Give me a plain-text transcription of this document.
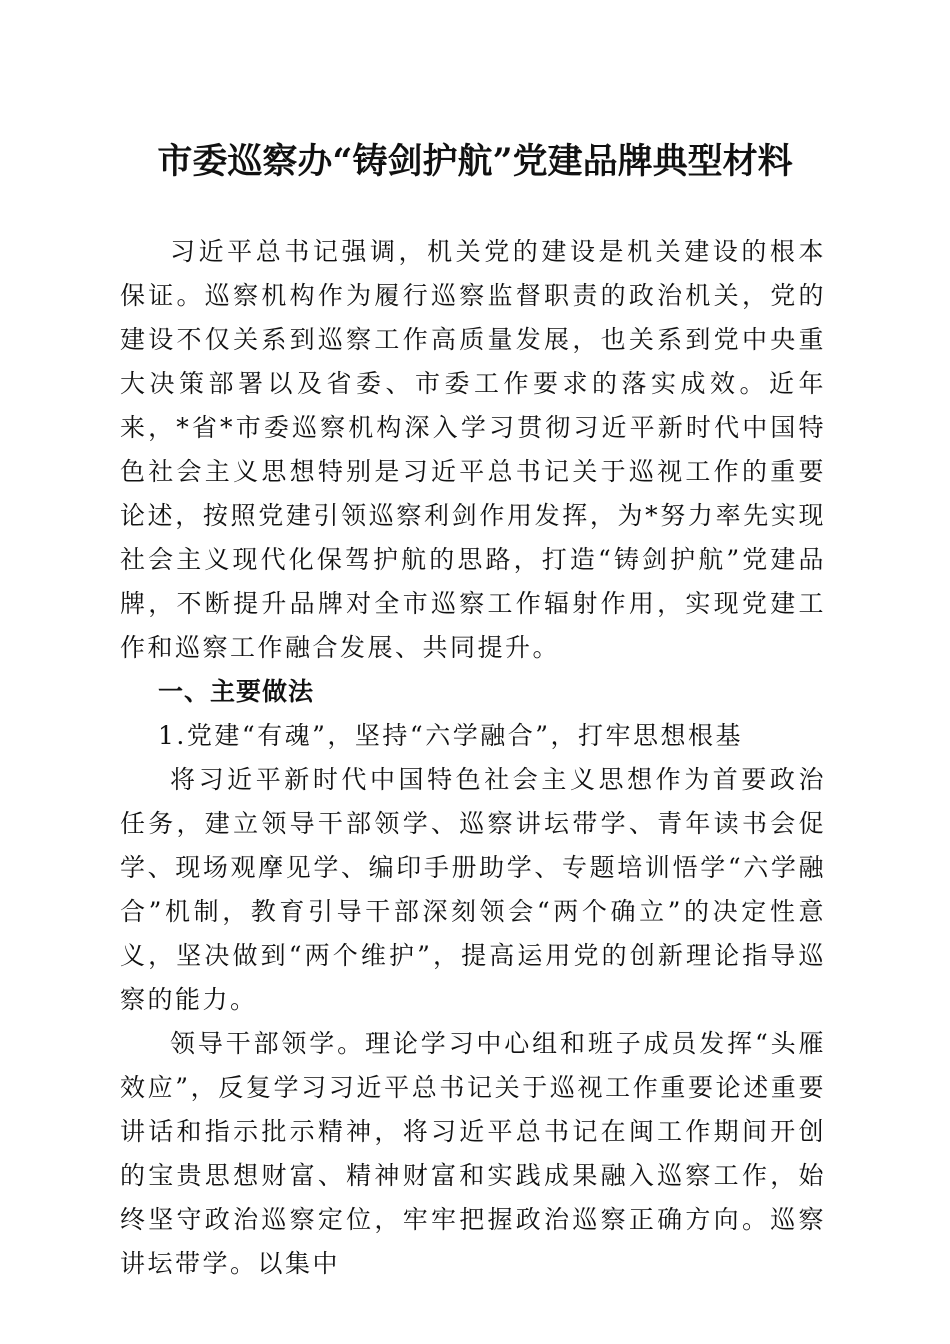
市委巡察办“铸剑护航”党建品牌典型材料

习近平总书记强调，机关党的建设是机关建设的根本保证。巡察机构作为履行巡察监督职责的政治机关，党的建设不仅关系到巡察工作高质量发展，也关系到党中央重大决策部署以及省委、市委工作要求的落实成效。近年来，*省*市委巡察机构深入学习贯彻习近平新时代中国特色社会主义思想特别是习近平总书记关于巡视工作的重要论述，按照党建引领巡察利剑作用发挥，为*努力率先实现社会主义现代化保驾护航的思路，打造“铸剑护航”党建品牌，不断提升品牌对全市巡察工作辐射作用，实现党建工作和巡察工作融合发展、共同提升。

一、主要做法

1.党建“有魂”，坚持“六学融合”，打牢思想根基

将习近平新时代中国特色社会主义思想作为首要政治任务，建立领导干部领学、巡察讲坛带学、青年读书会促学、现场观摩见学、编印手册助学、专题培训悟学“六学融合”机制，教育引导干部深刻领会“两个确立”的决定性意义，坚决做到“两个维护”，提高运用党的创新理论指导巡察的能力。

领导干部领学。理论学习中心组和班子成员发挥“头雁效应”，反复学习习近平总书记关于巡视工作重要论述重要讲话和指示批示精神，将习近平总书记在闽工作期间开创的宝贵思想财富、精神财富和实践成果融入巡察工作，始终坚守政治巡察定位，牢牢把握政治巡察正确方向。巡察讲坛带学。以集中
